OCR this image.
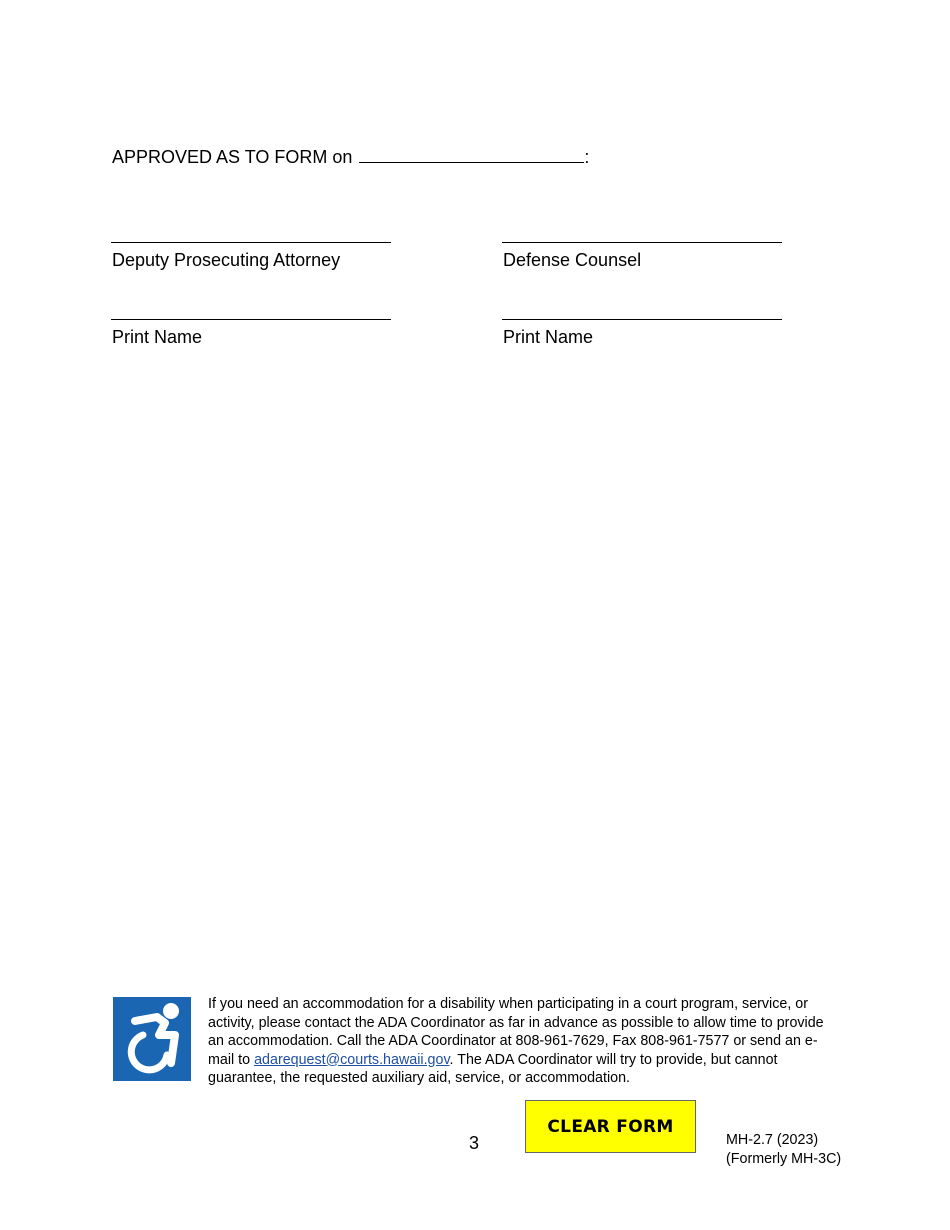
APPROVED AS TO FORM on	:
Deputy Prosecuting Attorney	Defense Counsel
Print Name	Print Name
If you need an accommodation for a disability when participating in a court program, service, or activity, please contact the ADA Coordinator as far in advance as possible to allow time to provide an accommodation. Call the ADA Coordinator at 808-961-7629, Fax 808-961-7577 or send an e-mail to adarequest@courts.hawaii.gov. The ADA Coordinator will try to provide, but cannot guarantee, the requested auxiliary aid, service, or accommodation.
3
CLEAR FORM
MH-2.7 (2023)
(Formerly MH-3C)
